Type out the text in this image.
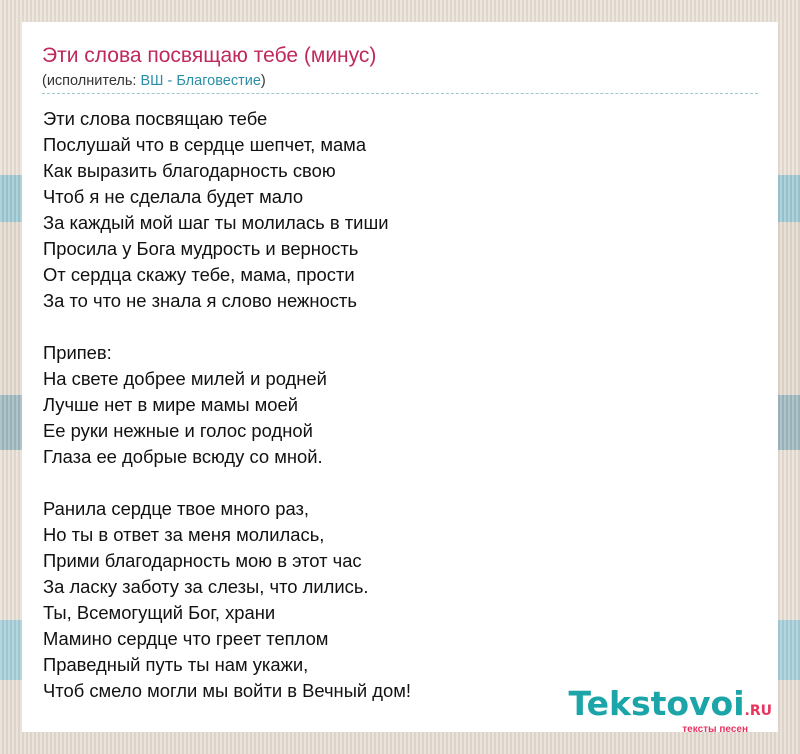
Эти слова посвящаю тебе (минус)
(исполнитель: ВШ - Благовестие)
Эти слова посвящаю тебе
Послушай что в сердце шепчет, мама
Как выразить благодарность свою
Чтоб я не сделала будет мало
За каждый мой шаг ты молилась в тиши
Просила у Бога мудрость и верность
От сердца скажу тебе, мама, прости
За то что не знала я слово нежность
Припев:
На свете добрее милей и родней
Лучше нет в мире мамы моей
Ее руки нежные и голос родной
Глаза ее добрые всюду со мной.
Ранила сердце твое много раз,
Но ты в ответ за меня молилась,
Прими благодарность мою в этот час
За ласку заботу за слезы, что лились.
Ты, Всемогущий Бог, храни
Мамино сердце что греет теплом
Праведный путь ты нам укажи,
Чтоб смело могли мы войти в Вечный дом!	Tekstovoi.RU
тексты песен
